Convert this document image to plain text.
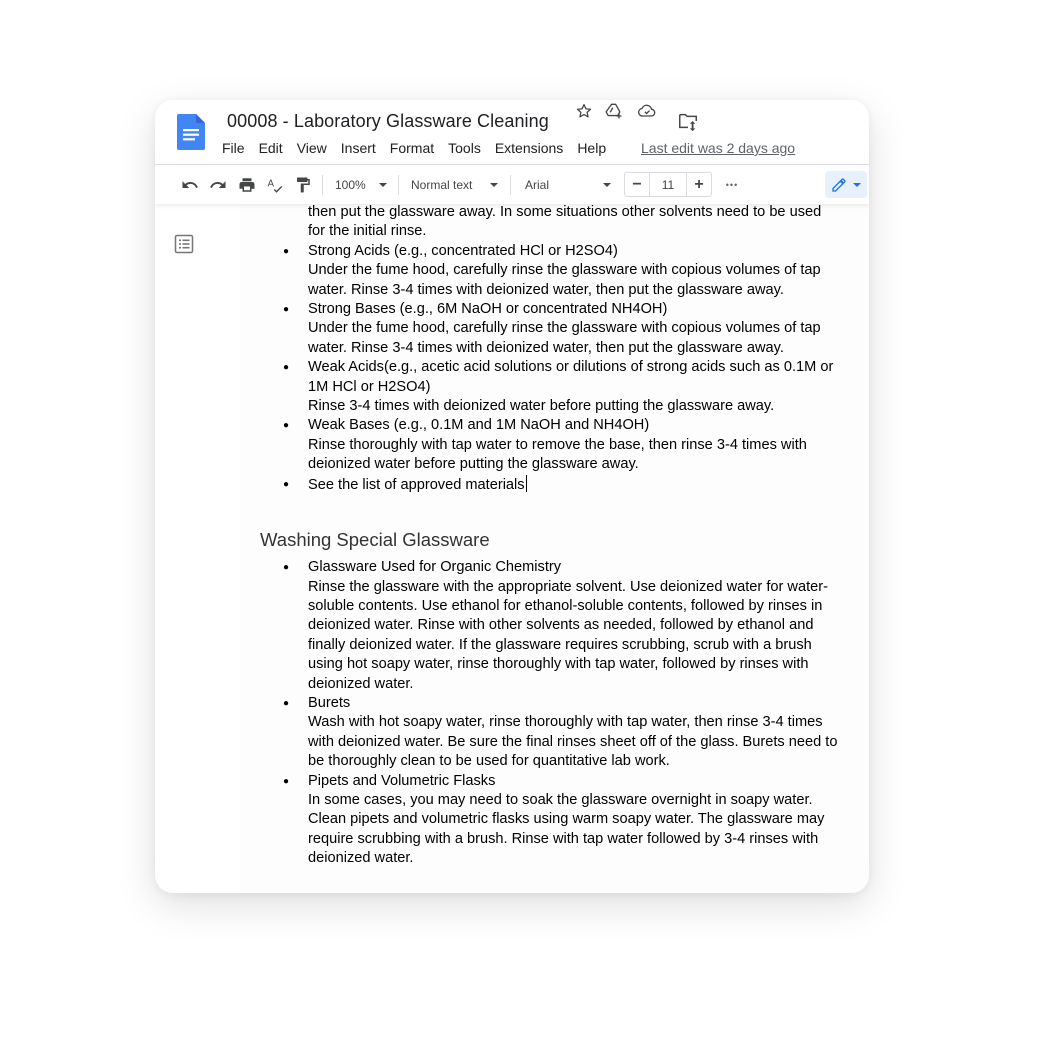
00008 - Laboratory Glassware Cleaning
File	Edit	View	Insert	Format	Tools	Extensions	Help	Last edit was 2 days ago
A	100%	Normal text	Arial	−	11	+	•••
then put the glassware away. In some situations other solvents need to be used
for the initial rinse.
● Strong Acids (e.g., concentrated HCl or H2SO4)
Under the fume hood, carefully rinse the glassware with copious volumes of tap water. Rinse 3-4 times with deionized water, then put the glassware away.
● Strong Bases (e.g., 6M NaOH or concentrated NH4OH)
Under the fume hood, carefully rinse the glassware with copious volumes of tap water. Rinse 3-4 times with deionized water, then put the glassware away.
● Weak Acids(e.g., acetic acid solutions or dilutions of strong acids such as 0.1M or 1M HCl or H2SO4)
Rinse 3-4 times with deionized water before putting the glassware away.
● Weak Bases (e.g., 0.1M and 1M NaOH and NH4OH)
Rinse thoroughly with tap water to remove the base, then rinse 3-4 times with deionized water before putting the glassware away.
● See the list of approved materials
Washing Special Glassware
● Glassware Used for Organic Chemistry
Rinse the glassware with the appropriate solvent. Use deionized water for water-soluble contents. Use ethanol for ethanol-soluble contents, followed by rinses in deionized water. Rinse with other solvents as needed, followed by ethanol and finally deionized water. If the glassware requires scrubbing, scrub with a brush using hot soapy water, rinse thoroughly with tap water, followed by rinses with deionized water.
● Burets
Wash with hot soapy water, rinse thoroughly with tap water, then rinse 3-4 times with deionized water. Be sure the final rinses sheet off of the glass. Burets need to be thoroughly clean to be used for quantitative lab work.
● Pipets and Volumetric Flasks
In some cases, you may need to soak the glassware overnight in soapy water. Clean pipets and volumetric flasks using warm soapy water. The glassware may require scrubbing with a brush. Rinse with tap water followed by 3-4 rinses with deionized water.
